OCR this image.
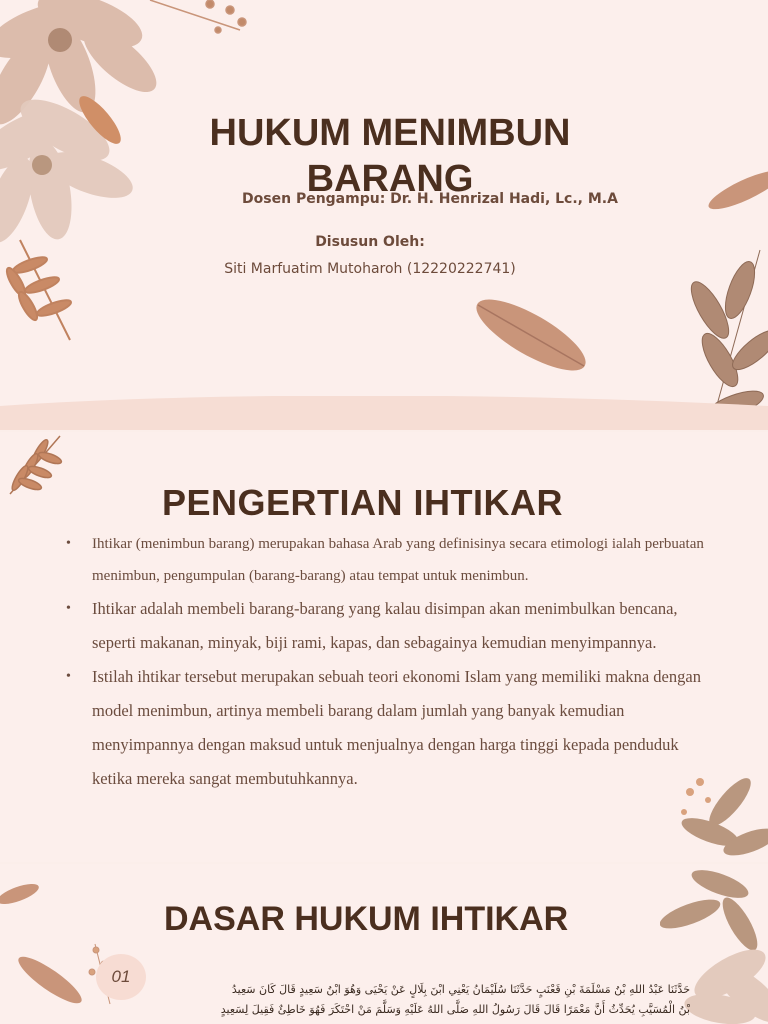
HUKUM MENIMBUN BARANG

Dosen Pengampu: Dr. H. Henrizal Hadi, Lc., M.A

Disusun Oleh:

Siti Marfuatim Mutoharoh (12220222741)

PENGERTIAN IHTIKAR
• Ihtikar (menimbun barang) merupakan bahasa Arab yang definisinya secara etimologi ialah perbuatan menimbun, pengumpulan (barang-barang) atau tempat untuk menimbun.
• Ihtikar adalah membeli barang-barang yang kalau disimpan akan menimbulkan bencana, seperti makanan, minyak, biji rami, kapas, dan sebagainya kemudian menyimpannya.
• Istilah ihtikar tersebut merupakan sebuah teori ekonomi Islam yang memiliki makna dengan model menimbun, artinya membeli barang dalam jumlah yang banyak kemudian menyimpannya dengan maksud untuk menjualnya dengan harga tinggi kepada penduduk ketika mereka sangat membutuhkannya.
DASAR HUKUM IHTIKAR
01

حَدَّثَنَا عَبْدُ اللهِ بْنُ مَسْلَمَةَ بْنِ قَعْنَبٍ حَدَّثَنَا سُلَيْمَانُ يَعْنِي ابْنَ بِلَالٍ عَنْ يَحْيَى وَهُوَ ابْنُ سَعِيدٍ قَالَ كَانَ سَعِيدُ

بْنُ الْمُسَيَّبِ يُحَدِّثُ أَنَّ مَعْمَرًا قَالَ قَالَ رَسُولُ اللهِ صَلَّى اللهُ عَلَيْهِ وَسَلَّمَ مَنْ احْتَكَرَ فَهُوَ خَاطِئٌ فَقِيلَ لِسَعِيدٍ
